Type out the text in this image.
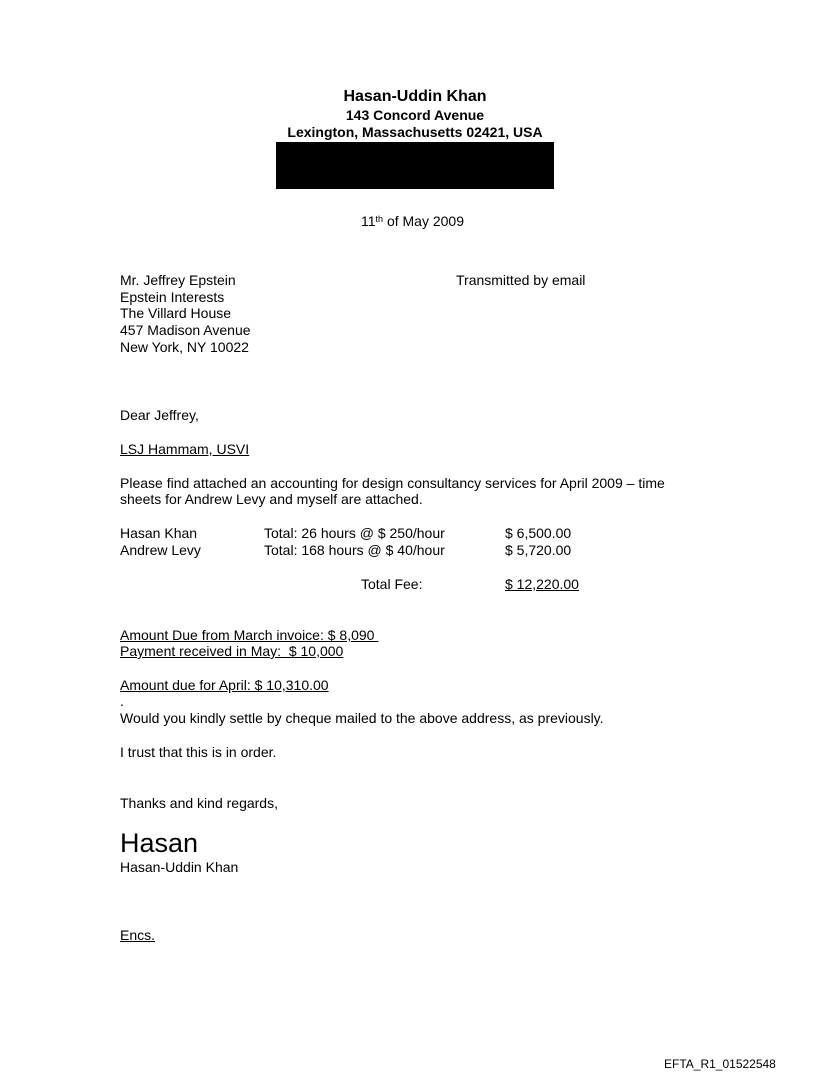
Hasan-Uddin Khan
143 Concord Avenue
Lexington, Massachusetts 02421, USA
11th of May 2009
Mr. Jeffrey Epstein
Epstein Interests
The Villard House
457 Madison Avenue
New York, NY 10022
Transmitted by email
Dear Jeffrey,
LSJ Hammam, USVI
Please find attached an accounting for design consultancy services for April 2009 – time
sheets for Andrew Levy and myself are attached.
Hasan Khan	Total: 26 hours @ $ 250/hour	$ 6,500.00
Andrew Levy	Total: 168 hours @ $ 40/hour	$ 5,720.00
Total Fee:	$ 12,220.00
Amount Due from March invoice: $ 8,090
Payment received in May:  $ 10,000
Amount due for April: $ 10,310.00
.
Would you kindly settle by cheque mailed to the above address, as previously.
I trust that this is in order.
Thanks and kind regards,
Hasan
Hasan-Uddin Khan
Encs.
EFTA_R1_01522548
